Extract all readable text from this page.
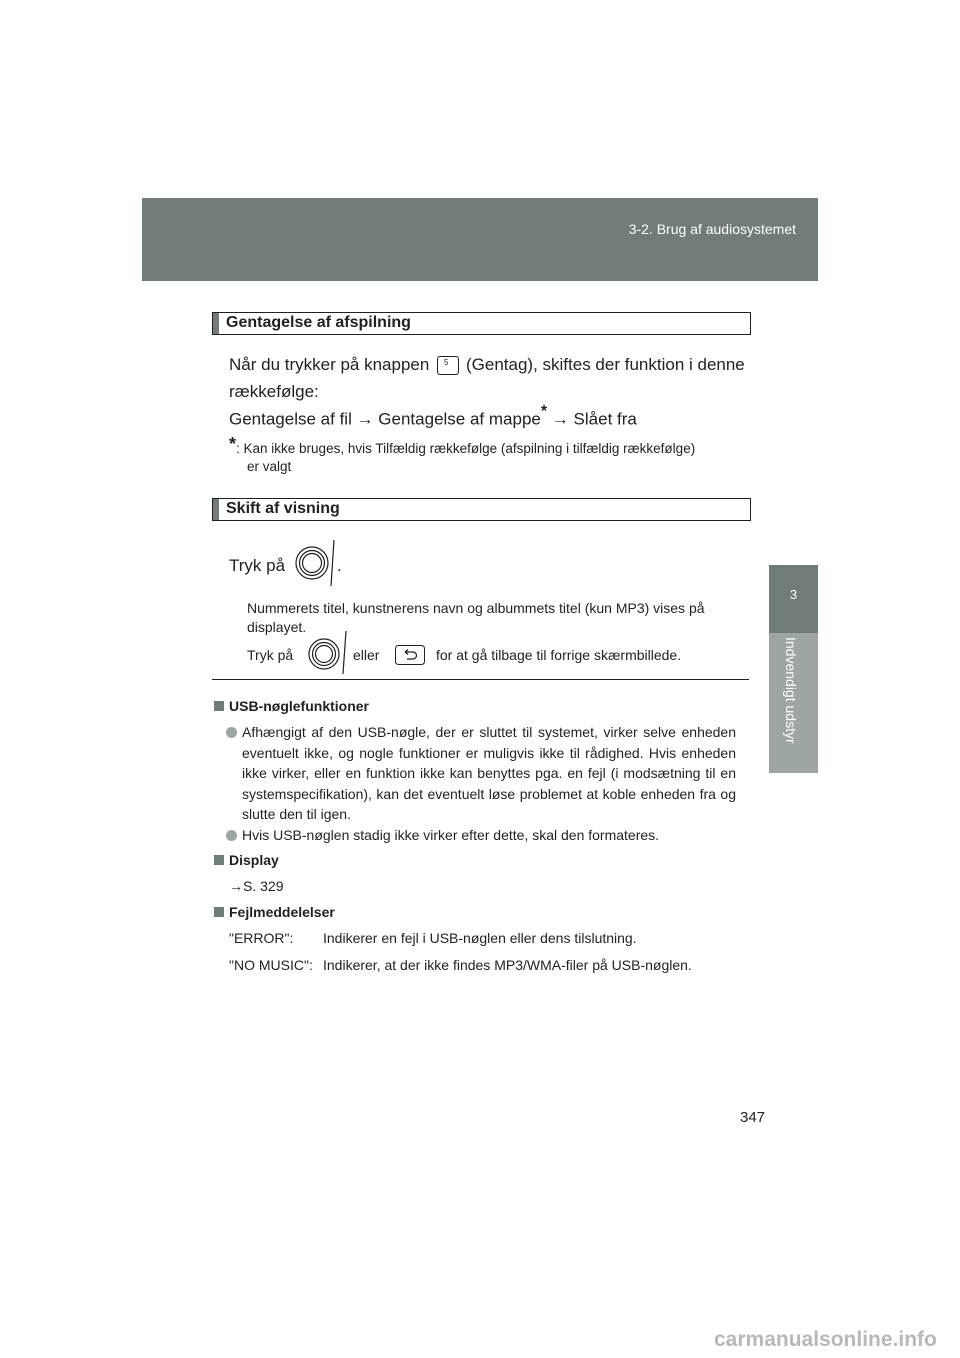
3-2. Brug af audiosystemet
3
Indvendigt udstyr
Gentagelse af afspilning
Når du trykker på knappen 5 (Gentag), skiftes der funktion i denne
rækkefølge:
Gentagelse af fil → Gentagelse af mappe* → Slået fra
*: Kan ikke bruges, hvis Tilfældig rækkefølge (afspilning i tilfældig rækkefølge)
er valgt
Skift af visning
Tryk på	.
Nummerets titel, kunstnerens navn og albummets titel (kun MP3) vises på
displayet.
Tryk på	eller	for at gå tilbage til forrige skærmbillede.
USB-nøglefunktioner
Afhængigt af den USB-nøgle, der er sluttet til systemet, virker selve enheden eventuelt ikke, og nogle funktioner er muligvis ikke til rådighed. Hvis enheden ikke virker, eller en funktion ikke kan benyttes pga. en fejl (i modsætning til en systemspecifikation), kan det eventuelt løse problemet at koble enheden fra og slutte den til igen.
Hvis USB-nøglen stadig ikke virker efter dette, skal den formateres.
Display
→S. 329
Fejlmeddelelser
"ERROR": Indikerer en fejl i USB-nøglen eller dens tilslutning.
"NO MUSIC": Indikerer, at der ikke findes MP3/WMA-filer på USB-nøglen.
347
carmanualsonline.info
